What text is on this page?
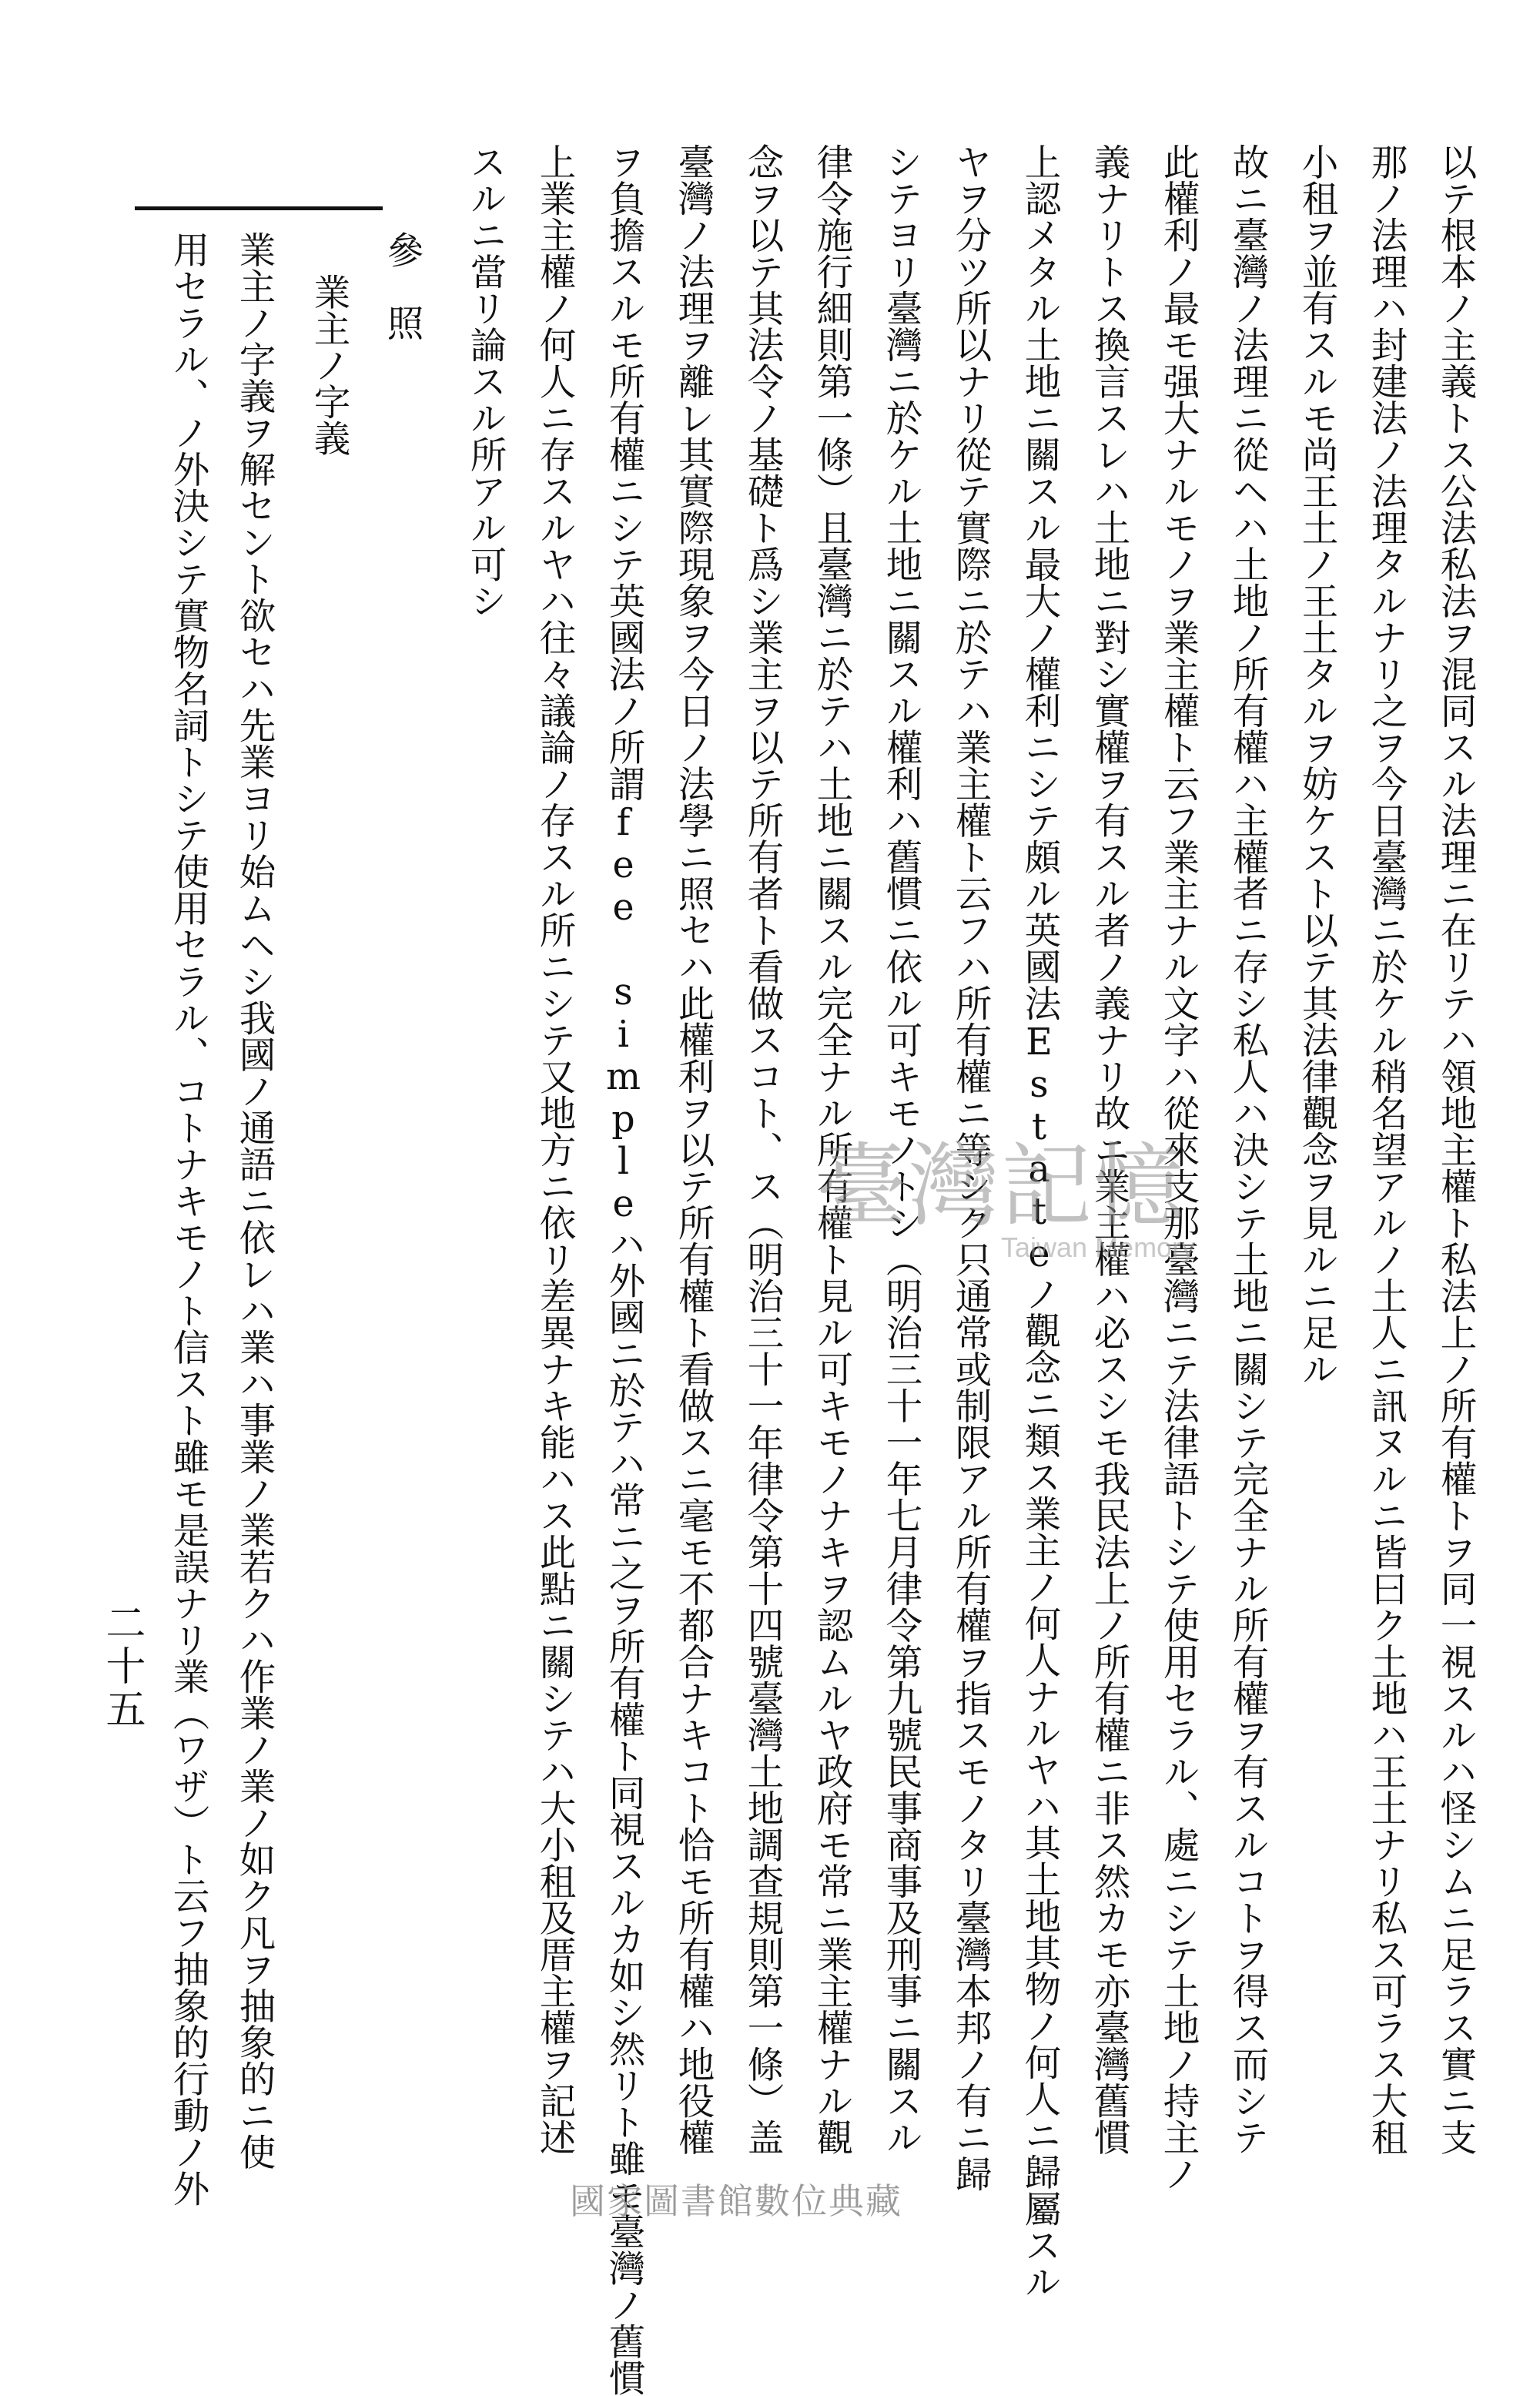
以テ根本ノ主義トス公法私法ヲ混同スル法理ニ在リテハ領地主權ト私法上ノ所有權トヲ同一視スルハ怪シムニ足ラス實ニ支
那ノ法理ハ封建法ノ法理タルナリ之ヲ今日臺灣ニ於ケル稍名望アルノ土人ニ訊ヌルニ皆曰ク土地ハ王土ナリ私ス可ラス大租
小租ヲ並有スルモ尚王土ノ王土タルヲ妨ケスト以テ其法律觀念ヲ見ルニ足ル
故ニ臺灣ノ法理ニ從ヘハ土地ノ所有權ハ主權者ニ存シ私人ハ決シテ土地ニ關シテ完全ナル所有權ヲ有スルコトヲ得ス而シテ
此權利ノ最モ强大ナルモノヲ業主權ト云フ業主ナル文字ハ從來支那臺灣ニテ法律語トシテ使用セラル、處ニシテ土地ノ持主ノ
義ナリトス換言スレハ土地ニ對シ實權ヲ有スル者ノ義ナリ故ニ業主權ハ必スシモ我民法上ノ所有權ニ非ス然カモ亦臺灣舊慣
上認メタル土地ニ關スル最大ノ權利ニシテ頗ル英國法Estateノ觀念ニ類ス業主ノ何人ナルヤハ其土地其物ノ何人ニ歸屬スル
ヤヲ分ツ所以ナリ從テ實際ニ於テハ業主權ト云フハ所有權ニ等シク只通常或制限アル所有權ヲ指スモノタリ臺灣本邦ノ有ニ歸
シテヨリ臺灣ニ於ケル土地ニ關スル權利ハ舊慣ニ依ル可キモノトシ（明治三十一年七月律令第九號民事商事及刑事ニ關スル
律令施行細則第一條）且臺灣ニ於テハ土地ニ關スル完全ナル所有權ト見ル可キモノナキヲ認ムルヤ政府モ常ニ業主權ナル觀
念ヲ以テ其法令ノ基礎ト爲シ業主ヲ以テ所有者ト看做スコト、ス（明治三十一年律令第十四號臺灣土地調查規則第一條）盖
臺灣ノ法理ヲ離レ其實際現象ヲ今日ノ法學ニ照セハ此權利ヲ以テ所有權ト看做スニ毫モ不都合ナキコト恰モ所有權ハ地役權
ヲ負擔スルモ所有權ニシテ英國法ノ所謂fee simpleハ外國ニ於テハ常ニ之ヲ所有權ト同視スルカ如シ然リト雖モ臺灣ノ舊慣
上業主權ノ何人ニ存スルヤハ往々議論ノ存スル所ニシテ又地方ニ依リ差異ナキ能ハス此點ニ關シテハ大小租及厝主權ヲ記述
スルニ當リ論スル所アル可シ
參　照
業主ノ字義
業主ノ字義ヲ解セント欲セハ先業ヨリ始ムヘシ我國ノ通語ニ依レハ業ハ事業ノ業若クハ作業ノ業ノ如ク凡ヲ抽象的ニ使
用セラル、ノ外決シテ實物名詞トシテ使用セラル、コトナキモノト信スト雖モ是誤ナリ業（ワザ）ト云フ抽象的行動ノ外
二十五
臺灣記憶
Taiwan Memory
國家圖書館數位典藏
